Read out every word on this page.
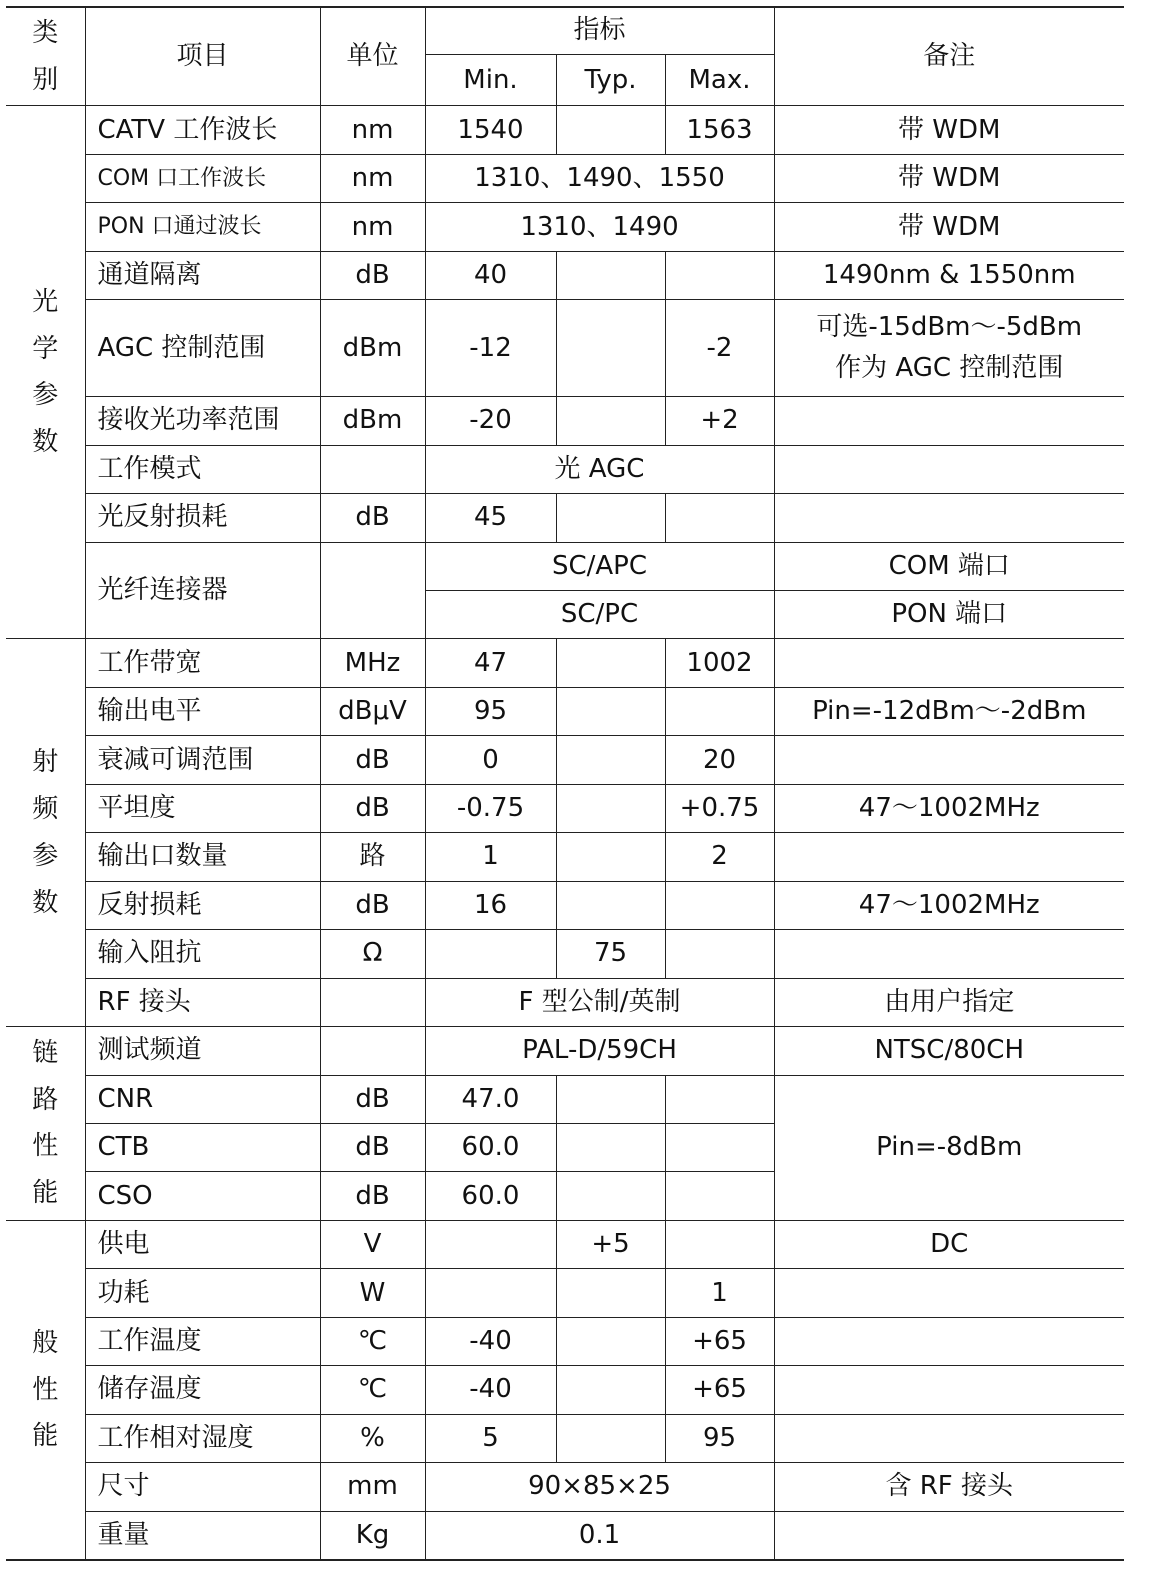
类
别	项目	单位	指标			备注
			Min.	Typ.	Max.	

光
学
参
数	CATV 工作波长	nm	1540		1563	带 WDM
	COM 口工作波长	nm	1310、1490、1550			带 WDM
	PON 口通过波长	nm	1310、1490			带 WDM
	通道隔离	dB	40			1490nm & 1550nm
	AGC 控制范围	dBm	-12		-2	可选-15dBm～-5dBm
作为 AGC 控制范围

	接收光功率范围	dBm	-20		+2	
	工作模式		光 AGC			
	光反射损耗	dB	45			
	光纤连接器		SC/APC			COM 端口
			SC/PC			PON 端口

射
频
参
数	工作带宽	MHz	47		1002	
	输出电平	dBμV	95			Pin=-12dBm～-2dBm
	衰减可调范围	dB	0		20	
	平坦度	dB	-0.75		+0.75	47～1002MHz
	输出口数量	路	1		2	
	反射损耗	dB	16			47～1002MHz
	输入阻抗	Ω		75		
	RF 接头		F 型公制/英制			由用户指定

链
路
性
能	测试频道		PAL-D/59CH			NTSC/80CH
	CNR	dB	47.0			Pin=-8dBm
	CTB	dB	60.0			
	CSO	dB	60.0			

般
性
能	供电	V		+5		DC
	功耗	W			1	
	工作温度	℃	-40		+65	
	储存温度	℃	-40		+65	
	工作相对湿度	%	5		95	
	尺寸	mm	90×85×25			含 RF 接头
	重量	Kg	0.1			
